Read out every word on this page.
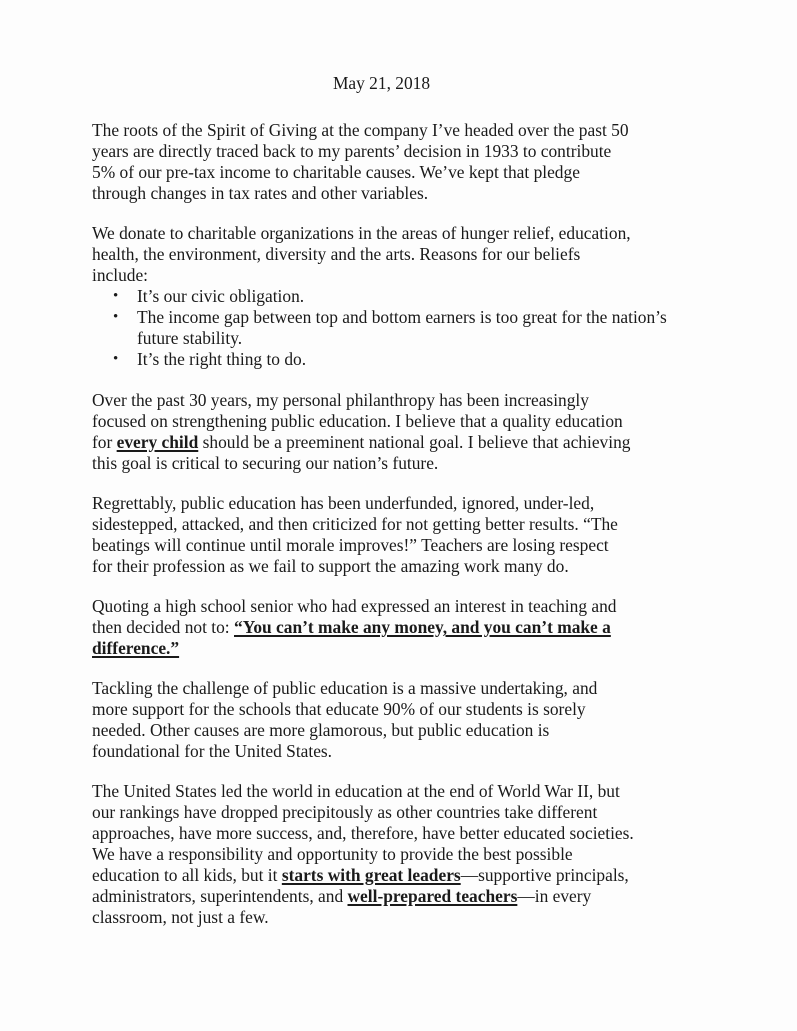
May 21, 2018

The roots of the Spirit of Giving at the company I’ve headed over the past 50
years are directly traced back to my parents’ decision in 1933 to contribute
5% of our pre-tax income to charitable causes. We’ve kept that pledge
through changes in tax rates and other variables.

We donate to charitable organizations in the areas of hunger relief, education,
health, the environment, diversity and the arts. Reasons for our beliefs
include:

• It’s our civic obligation.
• The income gap between top and bottom earners is too great for the nation’s future stability.
• It’s the right thing to do.

Over the past 30 years, my personal philanthropy has been increasingly
focused on strengthening public education. I believe that a quality education
for every child should be a preeminent national goal. I believe that achieving
this goal is critical to securing our nation’s future.

Regrettably, public education has been underfunded, ignored, under-led,
sidestepped, attacked, and then criticized for not getting better results. “The
beatings will continue until morale improves!” Teachers are losing respect
for their profession as we fail to support the amazing work many do.

Quoting a high school senior who had expressed an interest in teaching and
then decided not to: “You can’t make any money, and you can’t make a
difference.”

Tackling the challenge of public education is a massive undertaking, and
more support for the schools that educate 90% of our students is sorely
needed. Other causes are more glamorous, but public education is
foundational for the United States.

The United States led the world in education at the end of World War II, but
our rankings have dropped precipitously as other countries take different
approaches, have more success, and, therefore, have better educated societies.
We have a responsibility and opportunity to provide the best possible
education to all kids, but it starts with great leaders—supportive principals,
administrators, superintendents, and well-prepared teachers—in every
classroom, not just a few.
